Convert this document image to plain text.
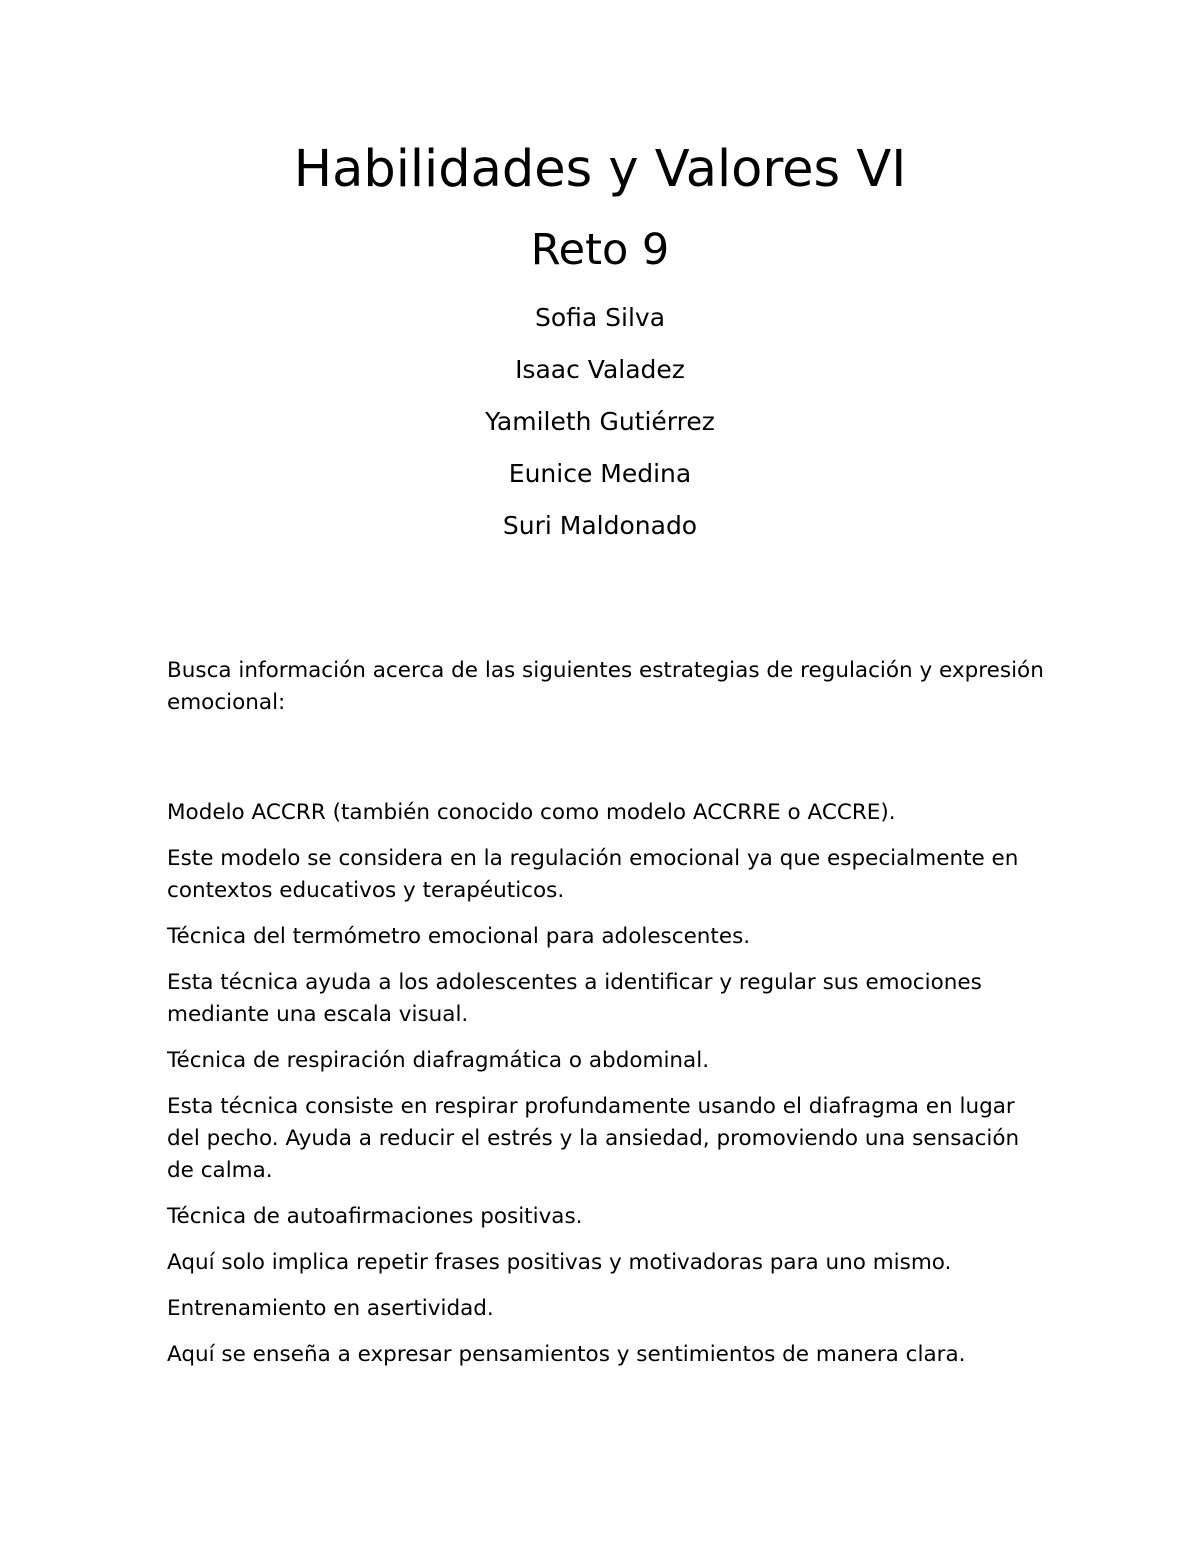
Habilidades y Valores VI
Reto 9
Sofia Silva
Isaac Valadez
Yamileth Gutiérrez
Eunice Medina
Suri Maldonado

Busca información acerca de las siguientes estrategias de regulación y expresión emocional:

Modelo ACCRR (también conocido como modelo ACCRRE o ACCRE).

Este modelo se considera en la regulación emocional ya que especialmente en contextos educativos y terapéuticos.

Técnica del termómetro emocional para adolescentes.

Esta técnica ayuda a los adolescentes a identificar y regular sus emociones mediante una escala visual.

Técnica de respiración diafragmática o abdominal.

Esta técnica consiste en respirar profundamente usando el diafragma en lugar del pecho. Ayuda a reducir el estrés y la ansiedad, promoviendo una sensación de calma.

Técnica de autoafirmaciones positivas.

Aquí solo implica repetir frases positivas y motivadoras para uno mismo.

Entrenamiento en asertividad.

Aquí se enseña a expresar pensamientos y sentimientos de manera clara.
